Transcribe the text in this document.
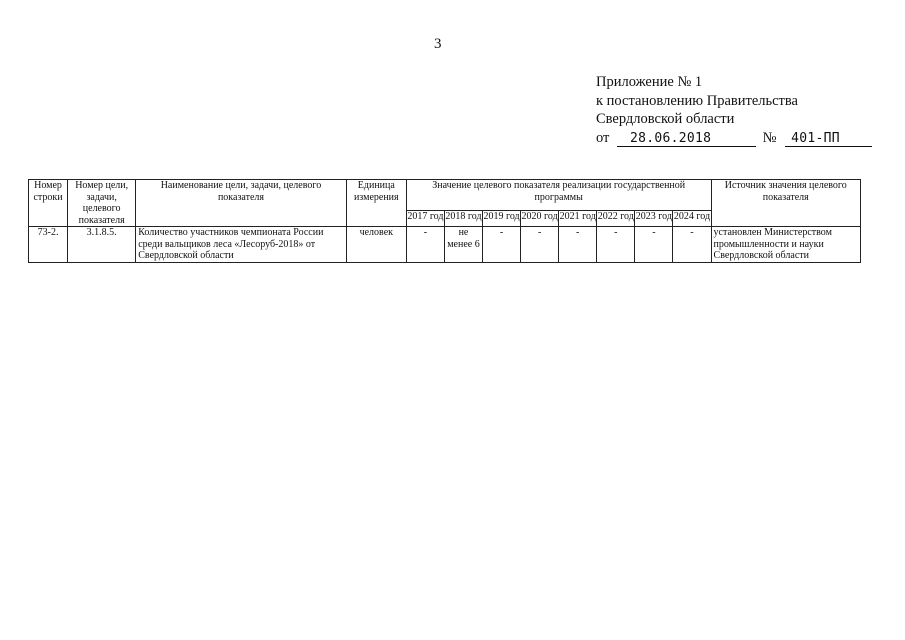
3
Приложение № 1
к постановлению Правительства
Свердловской области
от 28.06.2018	№ 401-ПП
Номер строки	Номер цели, задачи, целевого показателя	Наименование цели, задачи, целевого показателя	Единица измерения	Значение целевого показателя реализации государственной программы								Источник значения целевого показателя
				2017 год	2018 год	2019 год	2020 год	2021 год	2022 год	2023 год	2024 год	
73-2.	3.1.8.5.	Количество участников чемпионата России среди вальщиков леса «Лесоруб-2018» от Свердловской области	человек	-	не менее 6	-	-	-	-	-	-	установлен Министерством промышленности и науки Свердловской области
